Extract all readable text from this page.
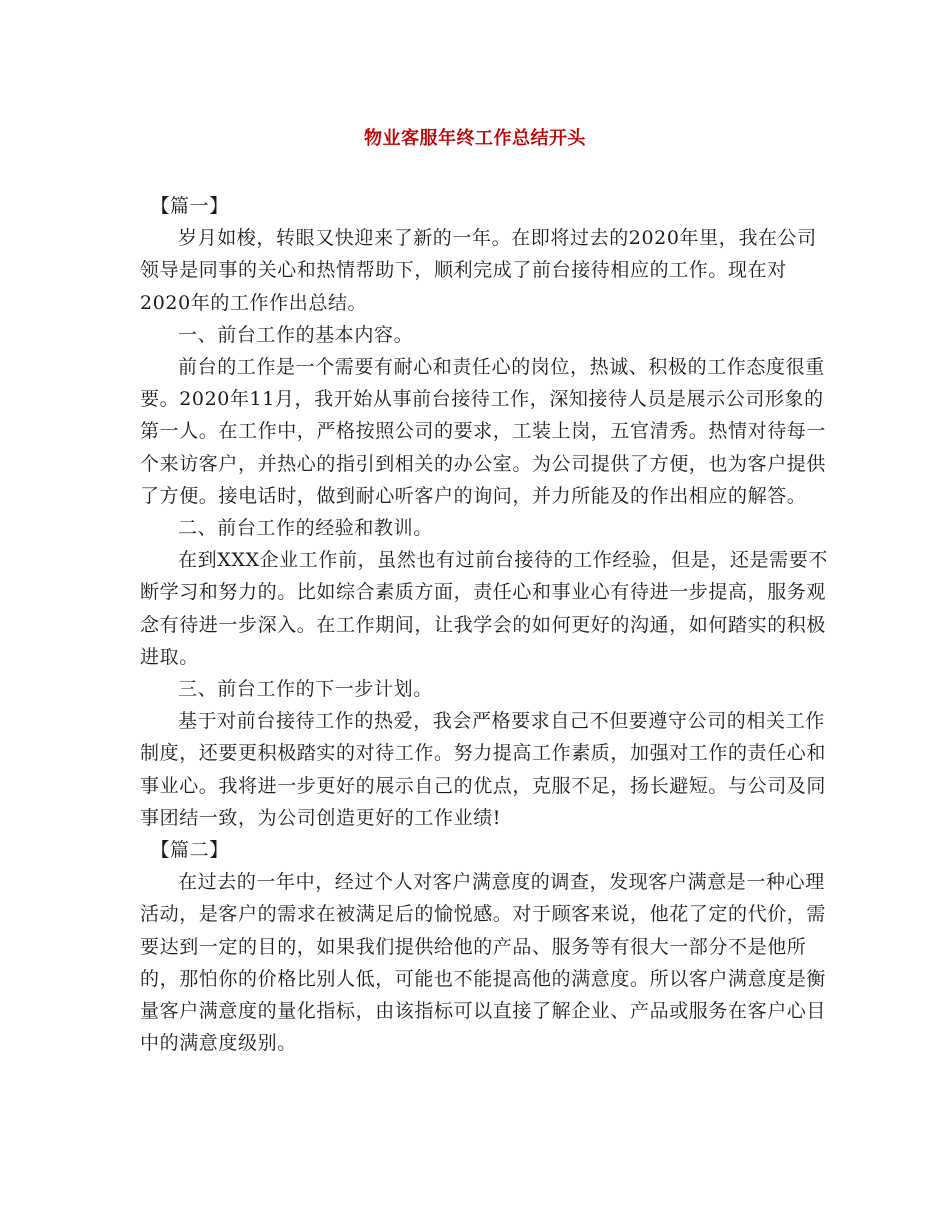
物业客服年终工作总结开头

【篇一】

岁月如梭，转眼又快迎来了新的一年。在即将过去的2020年里，我在公司领导是同事的关心和热情帮助下，顺利完成了前台接待相应的工作。现在对2020年的工作作出总结。

一、前台工作的基本内容。

前台的工作是一个需要有耐心和责任心的岗位，热诚、积极的工作态度很重要。2020年11月，我开始从事前台接待工作，深知接待人员是展示公司形象的第一人。在工作中，严格按照公司的要求，工装上岗，五官清秀。热情对待每一个来访客户，并热心的指引到相关的办公室。为公司提供了方便，也为客户提供了方便。接电话时，做到耐心听客户的询问，并力所能及的作出相应的解答。

二、前台工作的经验和教训。

在到XXX企业工作前，虽然也有过前台接待的工作经验，但是，还是需要不断学习和努力的。比如综合素质方面，责任心和事业心有待进一步提高，服务观念有待进一步深入。在工作期间，让我学会的如何更好的沟通，如何踏实的积极进取。

三、前台工作的下一步计划。

基于对前台接待工作的热爱，我会严格要求自己不但要遵守公司的相关工作制度，还要更积极踏实的对待工作。努力提高工作素质，加强对工作的责任心和事业心。我将进一步更好的展示自己的优点，克服不足，扬长避短。与公司及同事团结一致，为公司创造更好的工作业绩!

【篇二】

在过去的一年中，经过个人对客户满意度的调查，发现客户满意是一种心理活动，是客户的需求在被满足后的愉悦感。对于顾客来说，他花了定的代价，需要达到一定的目的，如果我们提供给他的产品、服务等有很大一部分不是他所的，那怕你的价格比别人低，可能也不能提高他的满意度。所以客户满意度是衡量客户满意度的量化指标，由该指标可以直接了解企业、产品或服务在客户心目中的满意度级别。
